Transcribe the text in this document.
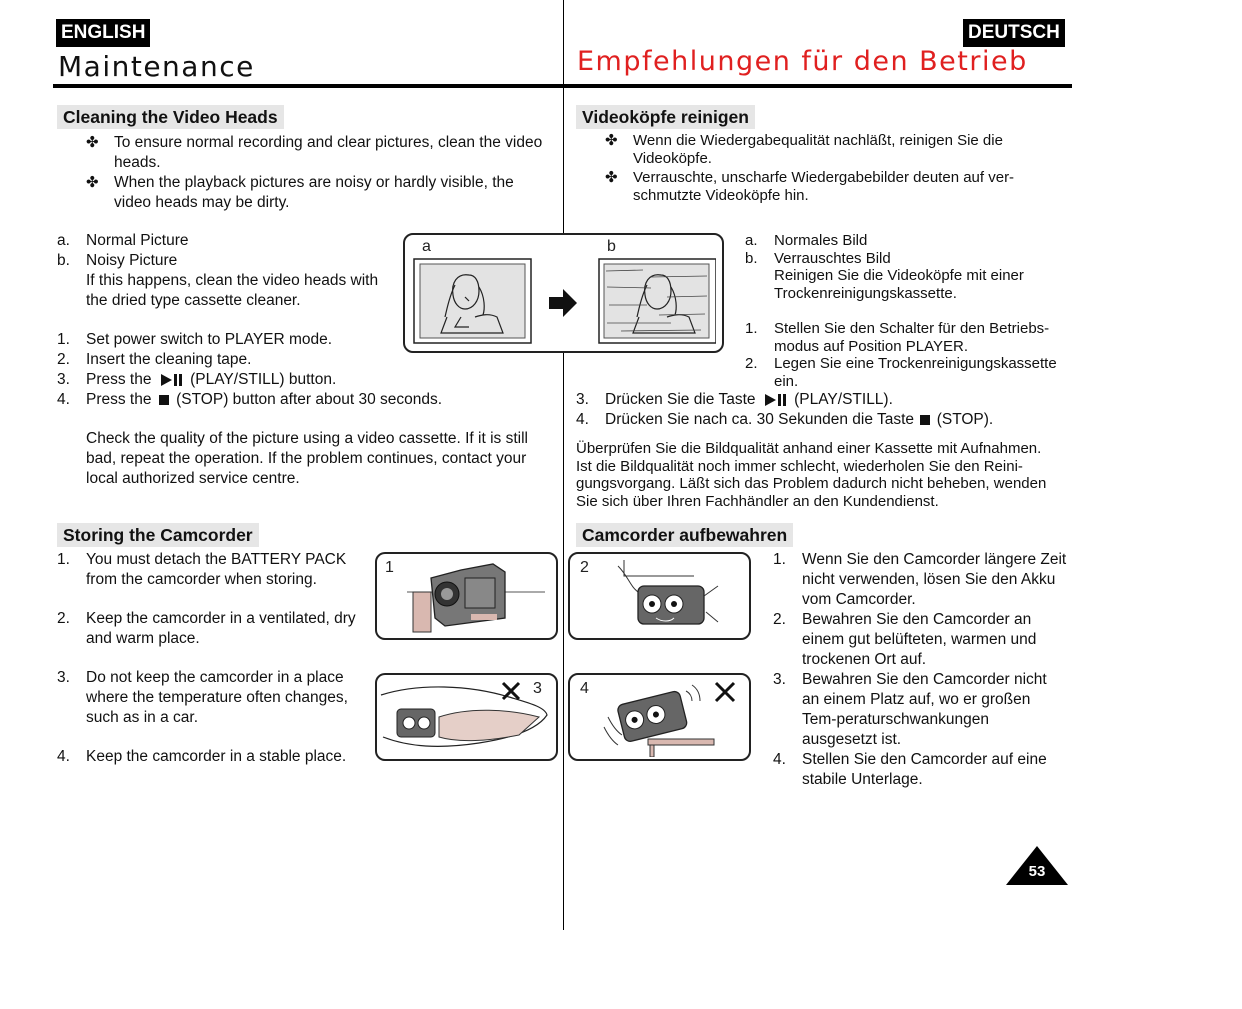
ENGLISH	DEUTSCH
Maintenance	Empfehlungen für den Betrieb
Cleaning the Video Heads
✤ To ensure normal recording and clear pictures, clean the video heads.
✤ When the playback pictures are noisy or hardly visible, the video heads may be dirty.
a. Normal Picture
b. Noisy Picture
If this happens, clean the video heads with the dried type cassette cleaner.
1. Set power switch to PLAYER mode.
2. Insert the cleaning tape.
3. Press the (PLAY/STILL) button.
4. Press the (STOP) button after about 30 seconds.
Check the quality of the picture using a video cassette. If it is still bad, repeat the operation. If the problem continues, contact your local authorized service centre.
a	b
Storing the Camcorder
1. You must detach the BATTERY PACK from the camcorder when storing.
2. Keep the camcorder in a ventilated, dry and warm place.
3. Do not keep the camcorder in a place where the temperature often changes, such as in a car.
4. Keep the camcorder in a stable place.
1
3
Videoköpfe reinigen
✤ Wenn die Wiedergabequalität nachläßt, reinigen Sie die Videoköpfe.
✤ Verrauschte, unscharfe Wiedergabebilder deuten auf ver-schmutzte Videoköpfe hin.
a. Normales Bild
b. Verrauschtes Bild
Reinigen Sie die Videoköpfe mit einer Trockenreinigungskassette.
1. Stellen Sie den Schalter für den Betriebs-modus auf Position PLAYER.
2. Legen Sie eine Trockenreinigungskassette ein.
3. Drücken Sie die Taste (PLAY/STILL).
4. Drücken Sie nach ca. 30 Sekunden die Taste (STOP).
Überprüfen Sie die Bildqualität anhand einer Kassette mit Aufnahmen. Ist die Bildqualität noch immer schlecht, wiederholen Sie den Reini-gungsvorgang. Läßt sich das Problem dadurch nicht beheben, wenden Sie sich über Ihren Fachhändler an den Kundendienst.
Camcorder aufbewahren
1. Wenn Sie den Camcorder längere Zeit nicht verwenden, lösen Sie den Akku vom Camcorder.
2. Bewahren Sie den Camcorder an einem gut belüfteten, warmen und trockenen Ort auf.
3. Bewahren Sie den Camcorder nicht an einem Platz auf, wo er großen Tem-peraturschwankungen ausgesetzt ist.
4. Stellen Sie den Camcorder auf eine stabile Unterlage.
2
4
53
